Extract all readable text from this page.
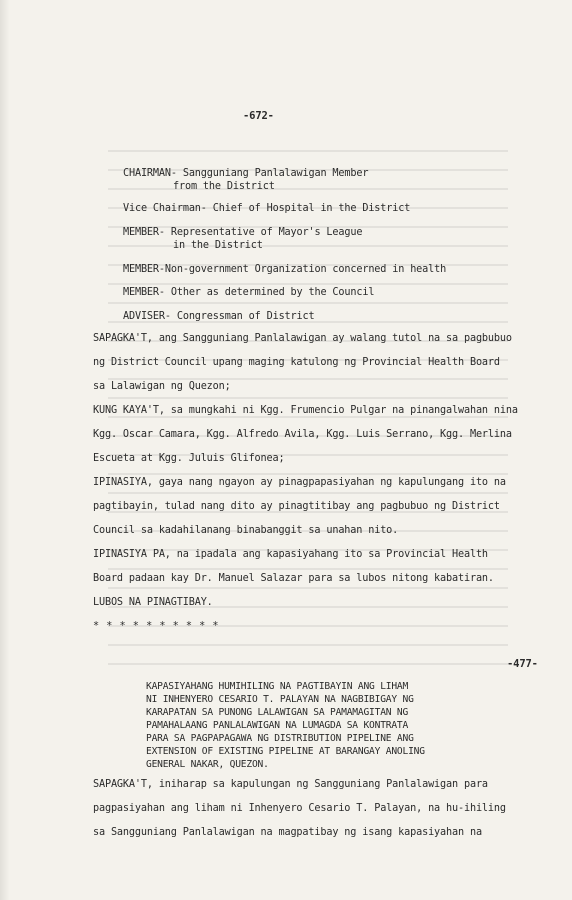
-672-
CHAIRMAN- Sangguniang Panlalawigan Member
from the District
Vice Chairman- Chief of Hospital in the District
MEMBER- Representative of Mayor's League
in the District
MEMBER-Non-government Organization concerned in health
MEMBER- Other as determined by the Council
ADVISER- Congressman of District
SAPAGKA'T, ang Sangguniang Panlalawigan ay walang tutol na sa pagbubuo
ng District Council upang maging katulong ng Provincial Health Board
sa Lalawigan ng Quezon;
KUNG KAYA'T, sa mungkahi ni Kgg. Frumencio Pulgar na pinangalwahan nina
Kgg. Oscar Camara, Kgg. Alfredo Avila, Kgg. Luis Serrano, Kgg. Merlina
Escueta at Kgg. Juluis Glifonea;
IPINASIYA, gaya nang ngayon ay pinagpapasiyahan ng kapulungang ito na
pagtibayin, tulad nang dito ay pinagtitibay ang pagbubuo ng District
Council sa kadahilanang binabanggit sa unahan nito.
IPINASIYA PA, na ipadala ang kapasiyahang ito sa Provincial Health
Board padaan kay Dr. Manuel Salazar para sa lubos nitong kabatiran.
LUBOS NA PINAGTIBAY.
* * * * * * * * * *
-477-
KAPASIYAHANG HUMIHILING NA PAGTIBAYIN ANG LIHAM
NI INHENYERO CESARIO T. PALAYAN NA NAGBIBIGAY NG
KARAPATAN SA PUNONG LALAWIGAN SA PAMAMAGITAN NG
PAMAHALAANG PANLALAWIGAN NA LUMAGDA SA KONTRATA
PARA SA PAGPAPAGAWA NG DISTRIBUTION PIPELINE ANG
EXTENSION OF EXISTING PIPELINE AT BARANGAY ANOLING
GENERAL NAKAR, QUEZON.
SAPAGKA'T, iniharap sa kapulungan ng Sangguniang Panlalawigan para
pagpasiyahan ang liham ni Inhenyero Cesario T. Palayan, na hu-ihiling
sa Sangguniang Panlalawigan na magpatibay ng isang kapasiyahan na
